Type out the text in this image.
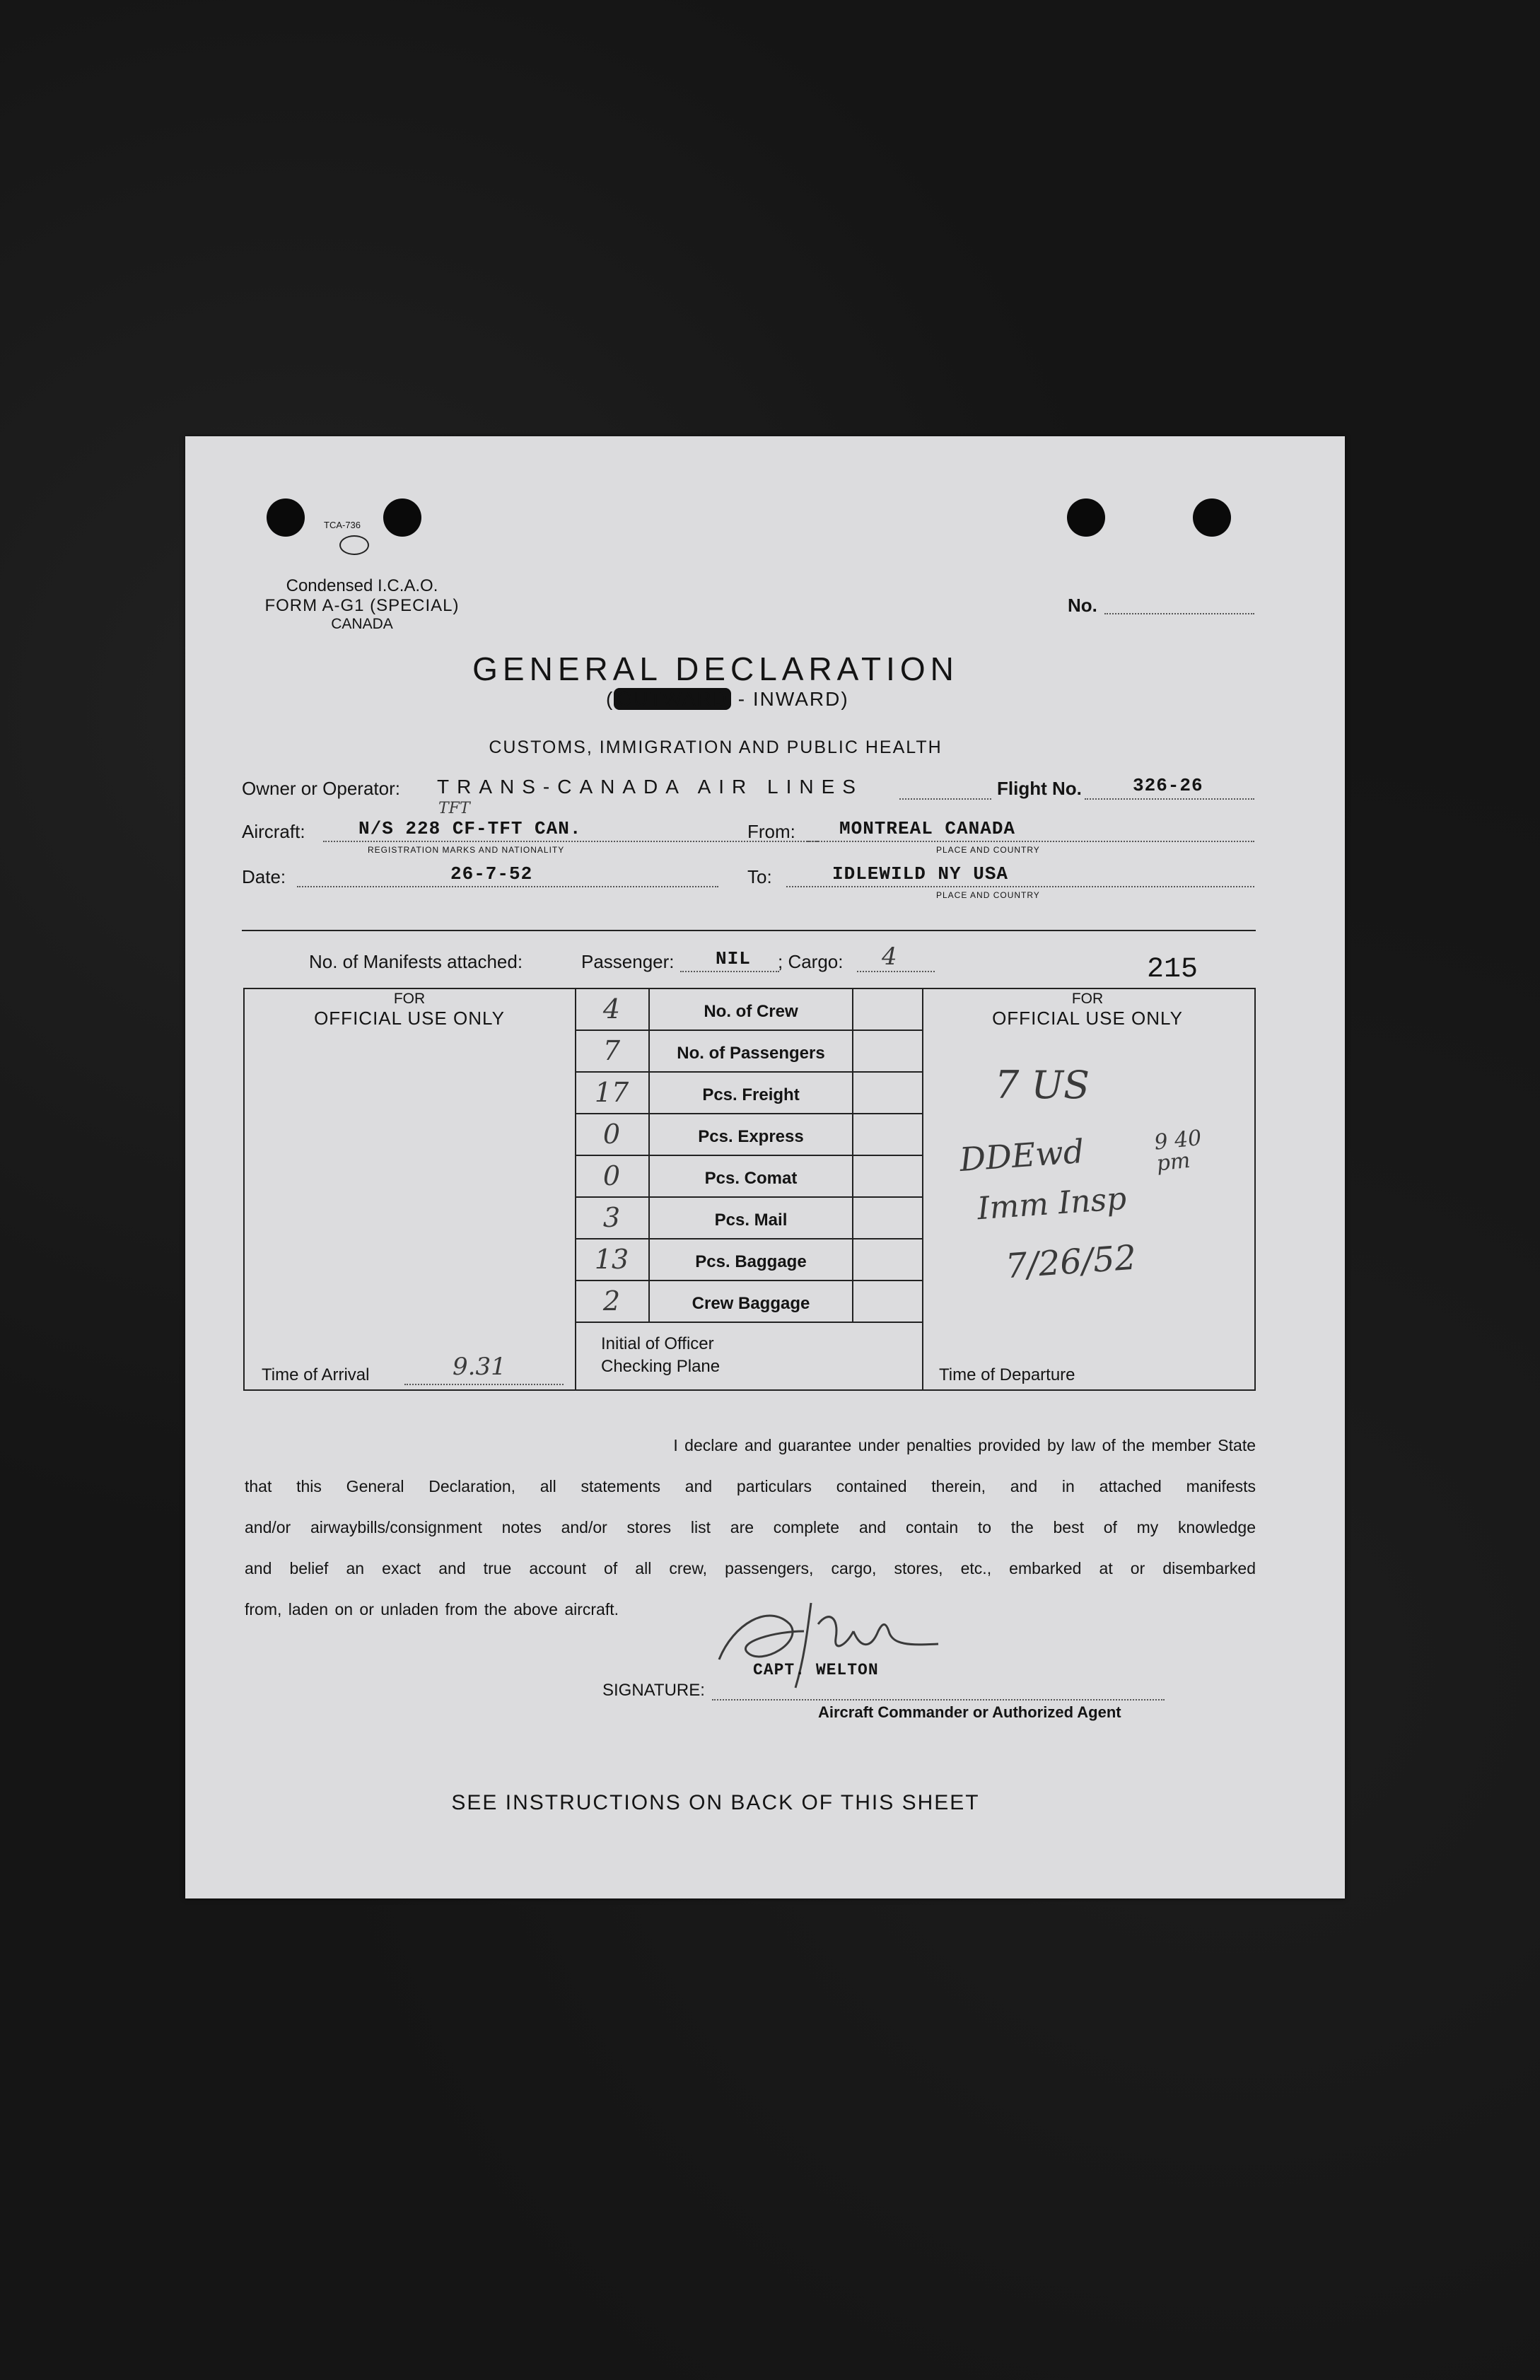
TCA-736
Condensed I.C.A.O.
FORM A-G1 (SPECIAL)
CANADA
No.
GENERAL DECLARATION
( OUTWARD - INWARD)
CUSTOMS, IMMIGRATION AND PUBLIC HEALTH
Owner or Operator: TRANS-CANADA AIR LINES	Flight No.	326-26
Aircraft:	N/S 228 CF-TFT CAN.
TFT
REGISTRATION MARKS AND NATIONALITY
From: MONTREAL CANADA
PLACE AND COUNTRY
Date:	26-7-52	To:	IDLEWILD NY USA
PLACE AND COUNTRY
No. of Manifests attached:	Passenger: NIL ; Cargo: 4	215
FOR
OFFICIAL USE ONLY
FOR
OFFICIAL USE ONLY
Initial of Officer
Checking Plane
Time of Arrival	9.31	Time of Departure
7 US
DDEwd	9 40 pm
Imm Insp
7/26/52
I declare and guarantee under penalties provided by law of the member State
that this General Declaration, all statements and particulars contained therein, and in attached manifests
and/or airwaybills/consignment notes and/or stores list are complete and contain to the best of my knowledge
and belief an exact and true account of all crew, passengers, cargo, stores, etc., embarked at or disembarked
from, laden on or unladen from the above aircraft.
SIGNATURE:
CAPT. WELTON
Aircraft Commander or Authorized Agent
SEE INSTRUCTIONS ON BACK OF THIS SHEET
4	No. of Crew
7	No. of Passengers
17	Pcs. Freight
0	Pcs. Express
0	Pcs. Comat
3	Pcs. Mail
13	Pcs. Baggage
2	Crew Baggage
